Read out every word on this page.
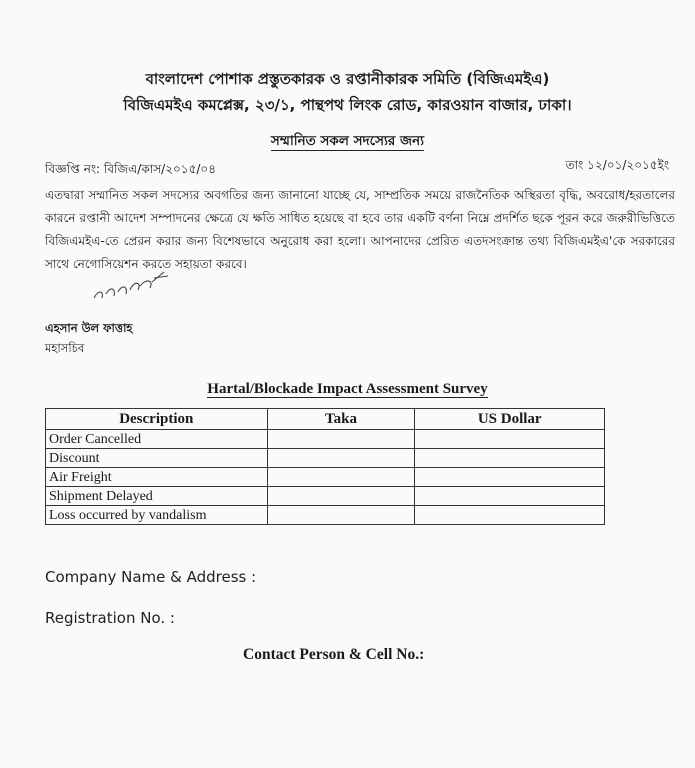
বাংলাদেশ পোশাক প্রস্তুতকারক ও রপ্তানীকারক সমিতি (বিজিএমইএ)
বিজিএমইএ কমপ্লেক্স, ২৩/১, পান্থপথ লিংক রোড, কারওয়ান বাজার, ঢাকা।
সম্মানিত সকল সদস্যের জন্য
বিজ্ঞপ্তি নং: বিজিএ/কাস/২০১৫/০৪	তাং ১২/০১/২০১৫ইং
এতদ্বারা সম্মানিত সকল সদস্যের অবগতির জন্য জানানো যাচ্ছে যে, সাম্প্রতিক সময়ে রাজনৈতিক অস্থিরতা বৃদ্ধি, অবরোধ/হরতালের কারনে রপ্তানী আদেশ সম্পাদনের ক্ষেত্রে যে ক্ষতি সাধিত হয়েছে বা হবে তার একটি বর্ণনা নিম্নে প্রদর্শিত ছকে পূরন করে জরুরীভিত্তিতে বিজিএমইএ-তে প্রেরন করার জন্য বিশেষভাবে অনুরোধ করা হলো। আপনাদের প্রেরিত এতদসংক্রান্ত তথ্য বিজিএমইএ'কে সরকারের সাথে নেগোসিয়েশন করতে সহায়তা করবে।
এহসান উল ফাত্তাহ
মহাসচিব
Hartal/Blockade Impact Assessment Survey
Description	Taka	US Dollar
Order Cancelled		
Discount		
Air Freight		
Shipment Delayed		
Loss occurred by vandalism		
Company Name & Address :
Registration No. :
Contact Person & Cell No.:
